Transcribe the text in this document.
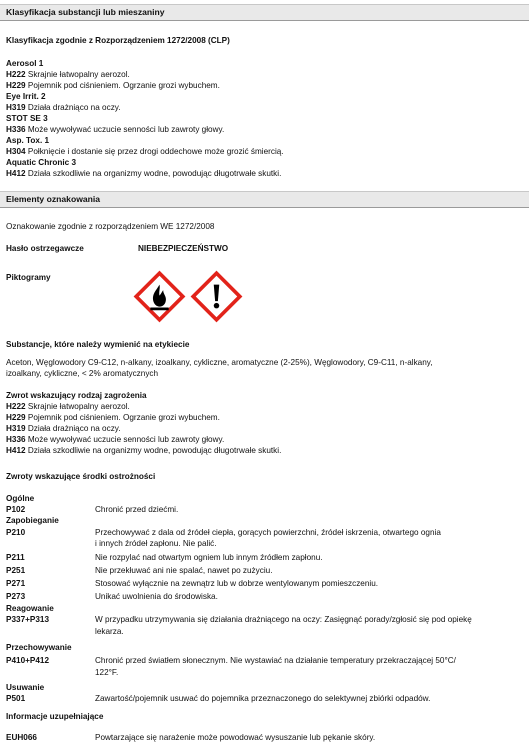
Klasyfikacja substancji lub mieszaniny
Klasyfikacja zgodnie z Rozporządzeniem 1272/2008 (CLP)
Aerosol 1
H222 Skrajnie łatwopalny aerozol.
H229 Pojemnik pod ciśnieniem. Ogrzanie grozi wybuchem.
Eye Irrit. 2
H319 Działa drażniąco na oczy.
STOT SE 3
H336 Może wywoływać uczucie senności lub zawroty głowy.
Asp. Tox. 1
H304 Połknięcie i dostanie się przez drogi oddechowe może grozić śmiercią.
Aquatic Chronic 3
H412 Działa szkodliwie na organizmy wodne, powodując długotrwałe skutki.
Elementy oznakowania
Oznakowanie zgodnie z rozporządzeniem WE 1272/2008
Hasło ostrzegawcze	NIEBEZPIECZEŃSTWO
Piktogramy
Substancje, które należy wymienić na etykiecie
Aceton, Węglowodory C9-C12, n-alkany, izoalkany, cykliczne, aromatyczne (2-25%), Węglowodory, C9-C11, n-alkany,
izoalkany, cykliczne, < 2% aromatycznych
Zwrot wskazujący rodzaj zagrożenia
H222 Skrajnie łatwopalny aerozol.
H229 Pojemnik pod ciśnieniem. Ogrzanie grozi wybuchem.
H319 Działa drażniąco na oczy.
H336 Może wywoływać uczucie senności lub zawroty głowy.
H412 Działa szkodliwie na organizmy wodne, powodując długotrwałe skutki.
Zwroty wskazujące środki ostrożności
Ogólne
P102	Chronić przed dziećmi.
Zapobieganie
P210	Przechowywać z dala od źródeł ciepła, gorących powierzchni, źródeł iskrzenia, otwartego ognia
i innych źródeł zapłonu. Nie palić.
P211	Nie rozpylać nad otwartym ogniem lub innym źródłem zapłonu.
P251	Nie przekłuwać ani nie spalać, nawet po zużyciu.
P271	Stosować wyłącznie na zewnątrz lub w dobrze wentylowanym pomieszczeniu.
P273	Unikać uwolnienia do środowiska.
Reagowanie
P337+P313	W przypadku utrzymywania się działania drażniącego na oczy: Zasięgnąć porady/zgłosić się pod opiekę
lekarza.
Przechowywanie
P410+P412	Chronić przed światłem słonecznym. Nie wystawiać na działanie temperatury przekraczającej 50°C/
122°F.
Usuwanie
P501	Zawartość/pojemnik usuwać do pojemnika przeznaczonego do selektywnej zbiórki odpadów.
Informacje uzupełniające
EUH066	Powtarzające się narażenie może powodować wysuszanie lub pękanie skóry.
